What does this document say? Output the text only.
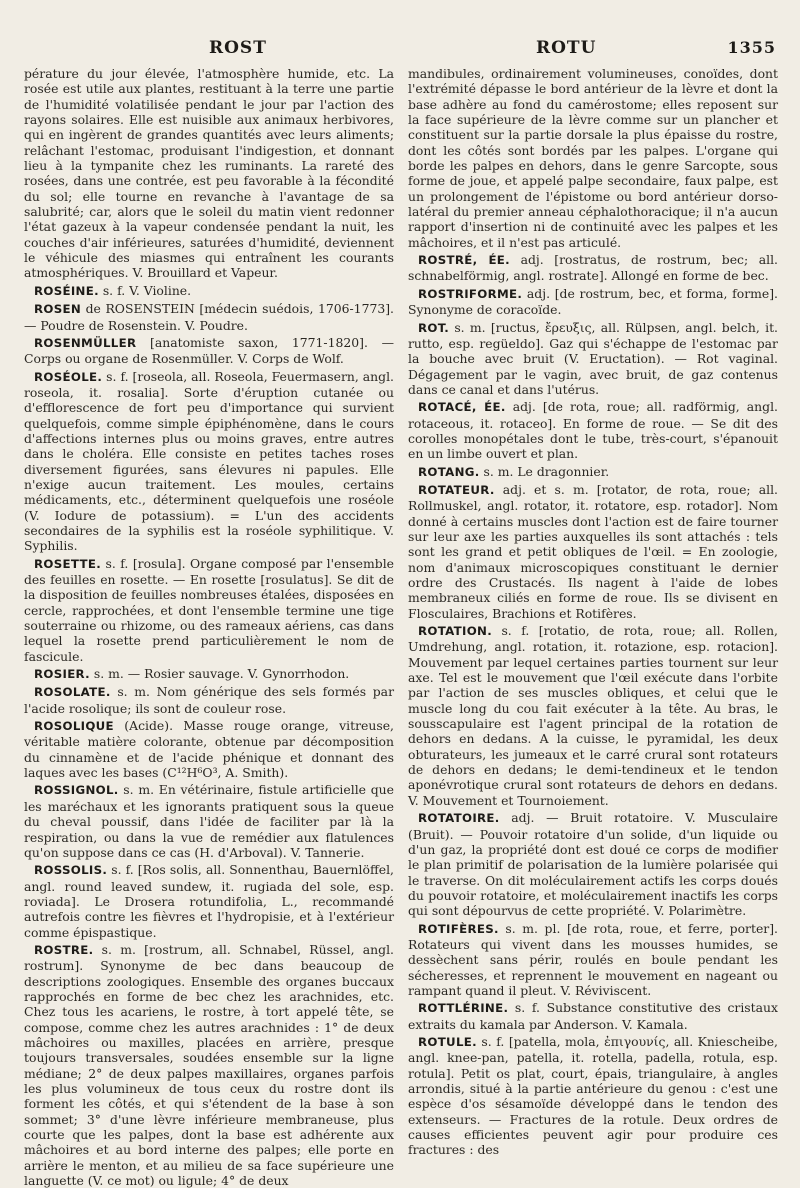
ROST	ROTU	1355

pérature du jour élevée, l'atmosphère humide, etc. La rosée est utile aux plantes, restituant à la terre une partie de l'humidité volatilisée pendant le jour par l'action des rayons solaires. Elle est nuisible aux animaux herbivores, qui en ingèrent de grandes quantités avec leurs aliments; relâchant l'estomac, produisant l'indigestion, et donnant lieu à la tympanite chez les ruminants. La rareté des rosées, dans une contrée, est peu favorable à la fécondité du sol; elle tourne en revanche à l'avantage de sa salubrité; car, alors que le soleil du matin vient redonner l'état gazeux à la vapeur condensée pendant la nuit, les couches d'air inférieures, saturées d'humidité, deviennent le véhicule des miasmes qui entraînent les courants atmosphériques. V. Brouillard et Vapeur.

ROSÉINE. s. f. V. Violine.

ROSEN de ROSENSTEIN [médecin suédois, 1706-1773]. — Poudre de Rosenstein. V. Poudre.

ROSENMÜLLER [anatomiste saxon, 1771-1820]. — Corps ou organe de Rosenmüller. V. Corps de Wolf.

ROSÉOLE. s. f. [roseola, all. Roseola, Feuermasern, angl. roseola, it. rosalia]. Sorte d'éruption cutanée ou d'efflorescence de fort peu d'importance qui survient quelquefois, comme simple épiphénomène, dans le cours d'affections internes plus ou moins graves, entre autres dans le choléra. Elle consiste en petites taches roses diversement figurées, sans élevures ni papules. Elle n'exige aucun traitement. Les moules, certains médicaments, etc., déterminent quelquefois une roséole (V. Iodure de potassium). = L'un des accidents secondaires de la syphilis est la roséole syphilitique. V. Syphilis.

ROSETTE. s. f. [rosula]. Organe composé par l'ensemble des feuilles en rosette. — En rosette [rosulatus]. Se dit de la disposition de feuilles nombreuses étalées, disposées en cercle, rapprochées, et dont l'ensemble termine une tige souterraine ou rhizome, ou des rameaux aériens, cas dans lequel la rosette prend particulièrement le nom de fascicule.

ROSIER. s. m. — Rosier sauvage. V. Gynorrhodon.

ROSOLATE. s. m. Nom générique des sels formés par l'acide rosolique; ils sont de couleur rose.

ROSOLIQUE (Acide). Masse rouge orange, vitreuse, véritable matière colorante, obtenue par décomposition du cinnamène et de l'acide phénique et donnant des laques avec les bases (C¹²H⁶O³, A. Smith).

ROSSIGNOL. s. m. En vétérinaire, fistule artificielle que les maréchaux et les ignorants pratiquent sous la queue du cheval poussif, dans l'idée de faciliter par là la respiration, ou dans la vue de remédier aux flatulences qu'on suppose dans ce cas (H. d'Arboval). V. Tannerie.

ROSSOLIS. s. f. [Ros solis, all. Sonnenthau, Bauernlöffel, angl. round leaved sundew, it. rugiada del sole, esp. roviada]. Le Drosera rotundifolia, L., recommandé autrefois contre les fièvres et l'hydropisie, et à l'extérieur comme épispastique.

ROSTRE. s. m. [rostrum, all. Schnabel, Rüssel, angl. rostrum]. Synonyme de bec dans beaucoup de descriptions zoologiques. Ensemble des organes buccaux rapprochés en forme de bec chez les arachnides, etc. Chez tous les acariens, le rostre, à tort appelé tête, se compose, comme chez les autres arachnides : 1° de deux mâchoires ou maxilles, placées en arrière, presque toujours transversales, soudées ensemble sur la ligne médiane; 2° de deux palpes maxillaires, organes parfois les plus volumineux de tous ceux du rostre dont ils forment les côtés, et qui s'étendent de la base à son sommet; 3° d'une lèvre inférieure membraneuse, plus courte que les palpes, dont la base est adhérente aux mâchoires et au bord interne des palpes; elle porte en arrière le menton, et au milieu de sa face supérieure une languette (V. ce mot) ou ligule; 4° de deux

mandibules, ordinairement volumineuses, conoïdes, dont l'extrémité dépasse le bord antérieur de la lèvre et dont la base adhère au fond du camérostome; elles reposent sur la face supérieure de la lèvre comme sur un plancher et constituent sur la partie dorsale la plus épaisse du rostre, dont les côtés sont bordés par les palpes. L'organe qui borde les palpes en dehors, dans le genre Sarcopte, sous forme de joue, et appelé palpe secondaire, faux palpe, est un prolongement de l'épistome ou bord antérieur dorso-latéral du premier anneau céphalothoracique; il n'a aucun rapport d'insertion ni de continuité avec les palpes et les mâchoires, et il n'est pas articulé.

ROSTRÉ, ÉE. adj. [rostratus, de rostrum, bec; all. schnabelförmig, angl. rostrate]. Allongé en forme de bec.

ROSTRIFORME. adj. [de rostrum, bec, et forma, forme]. Synonyme de coracoïde.

ROT. s. m. [ructus, ἔρευξις, all. Rülpsen, angl. belch, it. rutto, esp. regüeldo]. Gaz qui s'échappe de l'estomac par la bouche avec bruit (V. Eructation). — Rot vaginal. Dégagement par le vagin, avec bruit, de gaz contenus dans ce canal et dans l'utérus.

ROTACÉ, ÉE. adj. [de rota, roue; all. radförmig, angl. rotaceous, it. rotaceo]. En forme de roue. — Se dit des corolles monopétales dont le tube, très-court, s'épanouit en un limbe ouvert et plan.

ROTANG. s. m. Le dragonnier.

ROTATEUR. adj. et s. m. [rotator, de rota, roue; all. Rollmuskel, angl. rotator, it. rotatore, esp. rotador]. Nom donné à certains muscles dont l'action est de faire tourner sur leur axe les parties auxquelles ils sont attachés : tels sont les grand et petit obliques de l'œil. = En zoologie, nom d'animaux microscopiques constituant le dernier ordre des Crustacés. Ils nagent à l'aide de lobes membraneux ciliés en forme de roue. Ils se divisent en Flosculaires, Brachions et Rotifères.

ROTATION. s. f. [rotatio, de rota, roue; all. Rollen, Umdrehung, angl. rotation, it. rotazione, esp. rotacion]. Mouvement par lequel certaines parties tournent sur leur axe. Tel est le mouvement que l'œil exécute dans l'orbite par l'action de ses muscles obliques, et celui que le muscle long du cou fait exécuter à la tête. Au bras, le sousscapulaire est l'agent principal de la rotation de dehors en dedans. A la cuisse, le pyramidal, les deux obturateurs, les jumeaux et le carré crural sont rotateurs de dehors en dedans; le demi-tendineux et le tendon aponévrotique crural sont rotateurs de dehors en dedans. V. Mouvement et Tournoiement.

ROTATOIRE. adj. — Bruit rotatoire. V. Musculaire (Bruit). — Pouvoir rotatoire d'un solide, d'un liquide ou d'un gaz, la propriété dont est doué ce corps de modifier le plan primitif de polarisation de la lumière polarisée qui le traverse. On dit moléculairement actifs les corps doués du pouvoir rotatoire, et moléculairement inactifs les corps qui sont dépourvus de cette propriété. V. Polarimètre.

ROTIFÈRES. s. m. pl. [de rota, roue, et ferre, porter]. Rotateurs qui vivent dans les mousses humides, se dessèchent sans périr, roulés en boule pendant les sécheresses, et reprennent le mouvement en nageant ou rampant quand il pleut. V. Réviviscent.

ROTTLÉRINE. s. f. Substance constitutive des cristaux extraits du kamala par Anderson. V. Kamala.

ROTULE. s. f. [patella, mola, ἐπιγουνίς, all. Kniescheibe, angl. knee-pan, patella, it. rotella, padella, rotula, esp. rotula]. Petit os plat, court, épais, triangulaire, à angles arrondis, situé à la partie antérieure du genou : c'est une espèce d'os sésamoïde développé dans le tendon des extenseurs. — Fractures de la rotule. Deux ordres de causes efficientes peuvent agir pour produire ces fractures : des
